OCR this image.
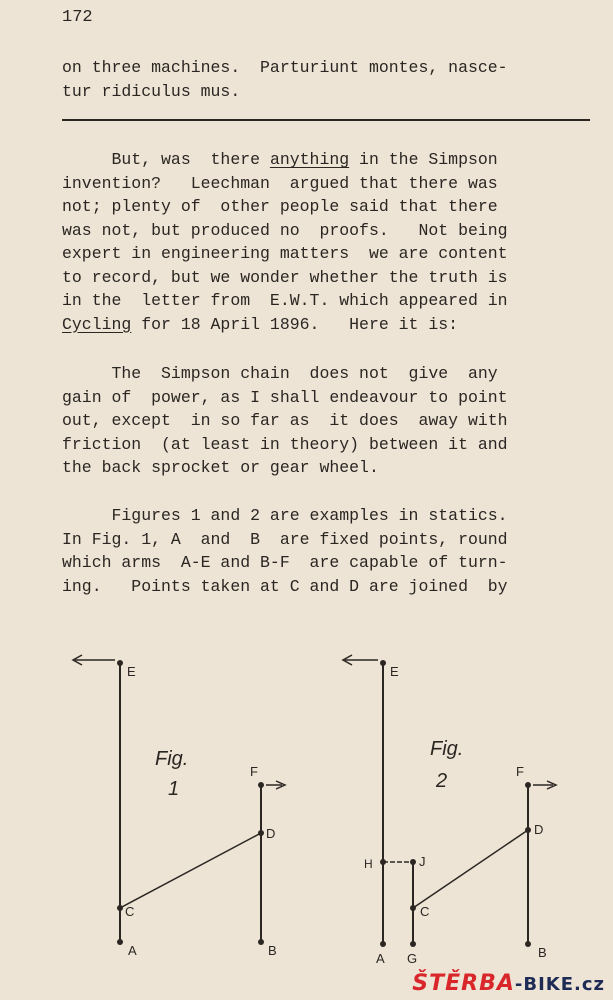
172
on three machines.  Parturiunt montes, nasce-
tur ridiculus mus.
But, was  there anything in the Simpson
invention?   Leechman  argued that there was
not; plenty of  other people said that there
was not, but produced no  proofs.   Not being
expert in engineering matters  we are content
to record, but we wonder whether the truth is
in the  letter from  E.W.T. which appeared in
Cycling for 18 April 1896.   Here it is:
The  Simpson chain  does not  give  any
gain of  power, as I shall endeavour to point
out, except  in so far as  it does  away with
friction  (at least in theory) between it and
the back sprocket or gear wheel.
Figures 1 and 2 are examples in statics.
In Fig. 1, A  and  B  are fixed points, round
which arms  A-E and B-F  are capable of turn-
ing.   Points taken at C and D are joined  by
E
F
D
C
A	B
Fig.
1
E
F
D
J
H
C
A G	B
Fig.
2
ŠTĚRBA-BIKE.cz
